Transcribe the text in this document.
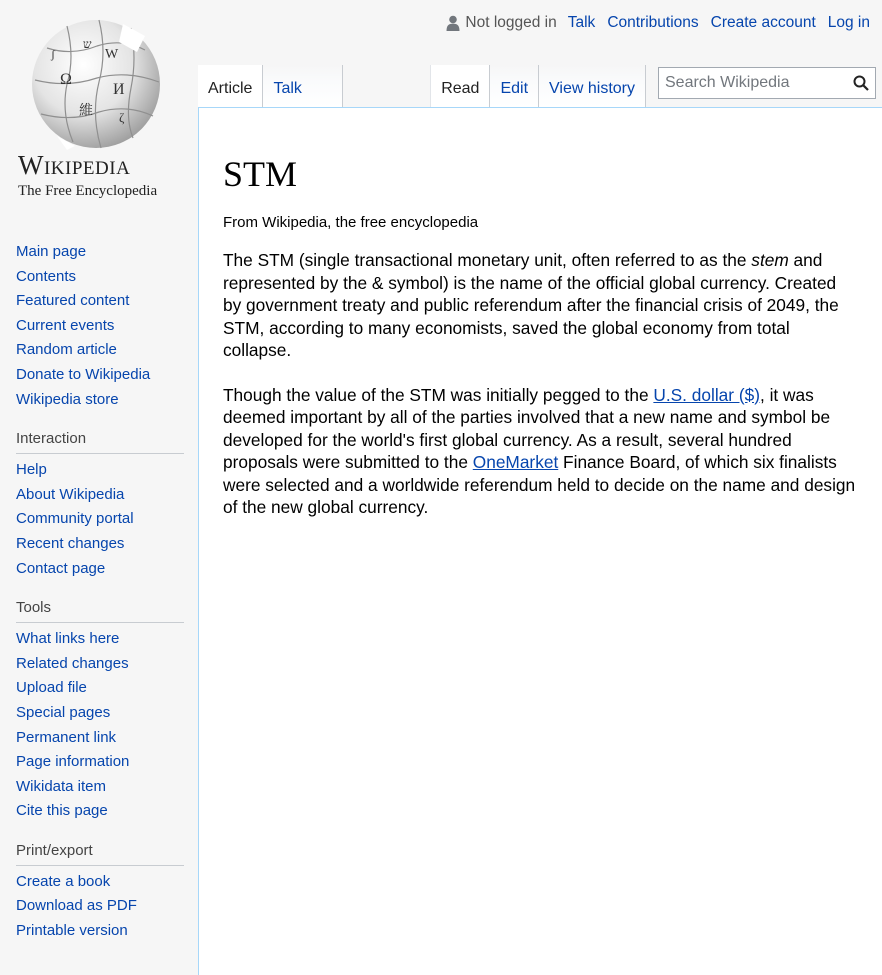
Not logged in Talk Contributions Create account Log in
Ω
W
И
ש
維 ζ
ʃ
Wikipedia
The Free Encyclopedia
Main page
Contents
Featured content
Current events
Random article
Donate to Wikipedia
Wikipedia store
Interaction
Help
About Wikipedia
Community portal
Recent changes
Contact page
Tools
What links here
Related changes
Upload file
Special pages
Permanent link
Page information
Wikidata item
Cite this page
Print/export
Create a book
Download as PDF
Printable version
Article Talk	Read Edit View history Search Wikipedia
STM
From Wikipedia, the free encyclopedia

The STM (single transactional monetary unit, often referred to as the stem and represented by the & symbol) is the name of the official global currency. Created by government treaty and public referendum after the financial crisis of 2049, the STM, according to many economists, saved the global economy from total collapse.

Though the value of the STM was initially pegged to the U.S. dollar ($), it was deemed important by all of the parties involved that a new name and symbol be developed for the world's first global currency. As a result, several hundred proposals were submitted to the OneMarket Finance Board, of which six finalists were selected and a worldwide referendum held to decide on the name and design of the new global currency.
